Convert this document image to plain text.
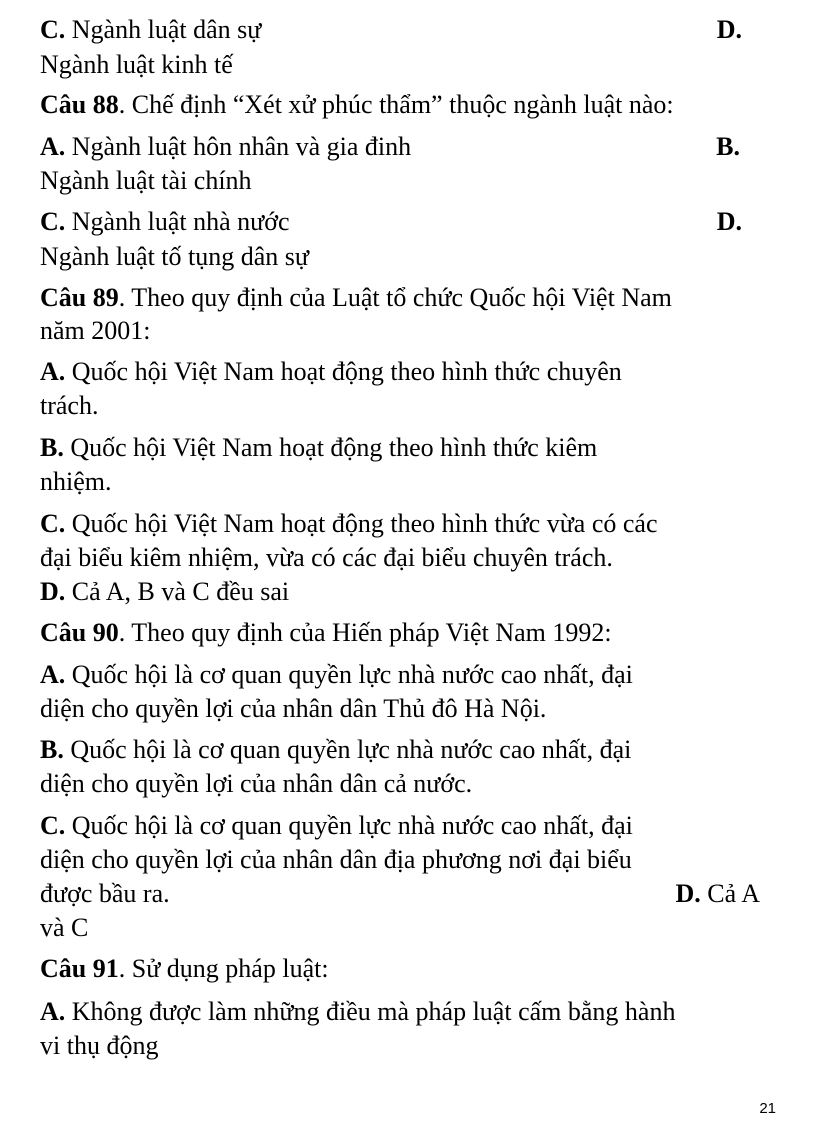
C. Ngành luật dân sự	D.
Ngành luật kinh tế
Câu 88. Chế định “Xét xử phúc thẩm” thuộc ngành luật nào:
A. Ngành luật hôn nhân và gia đinh	B.
Ngành luật tài chính
C. Ngành luật nhà nước	D.
Ngành luật tố tụng dân sự
Câu 89. Theo quy định của Luật tổ chức Quốc hội Việt Nam
năm 2001:
A. Quốc hội Việt Nam hoạt động theo hình thức chuyên
trách.
B. Quốc hội Việt Nam hoạt động theo hình thức kiêm
nhiệm.
C. Quốc hội Việt Nam hoạt động theo hình thức vừa có các
đại biểu kiêm nhiệm, vừa có các đại biểu chuyên trách.
D. Cả A, B và C đều sai
Câu 90. Theo quy định của Hiến pháp Việt Nam 1992:
A. Quốc hội là cơ quan quyền lực nhà nước cao nhất, đại
diện cho quyền lợi của nhân dân Thủ đô Hà Nội.
B. Quốc hội là cơ quan quyền lực nhà nước cao nhất, đại
diện cho quyền lợi của nhân dân cả nước.
C. Quốc hội là cơ quan quyền lực nhà nước cao nhất, đại
diện cho quyền lợi của nhân dân địa phương nơi đại biểu
được bầu ra.	D. Cả A
và C
Câu 91. Sử dụng pháp luật:
A. Không được làm những điều mà pháp luật cấm bằng hành
vi thụ động
21
